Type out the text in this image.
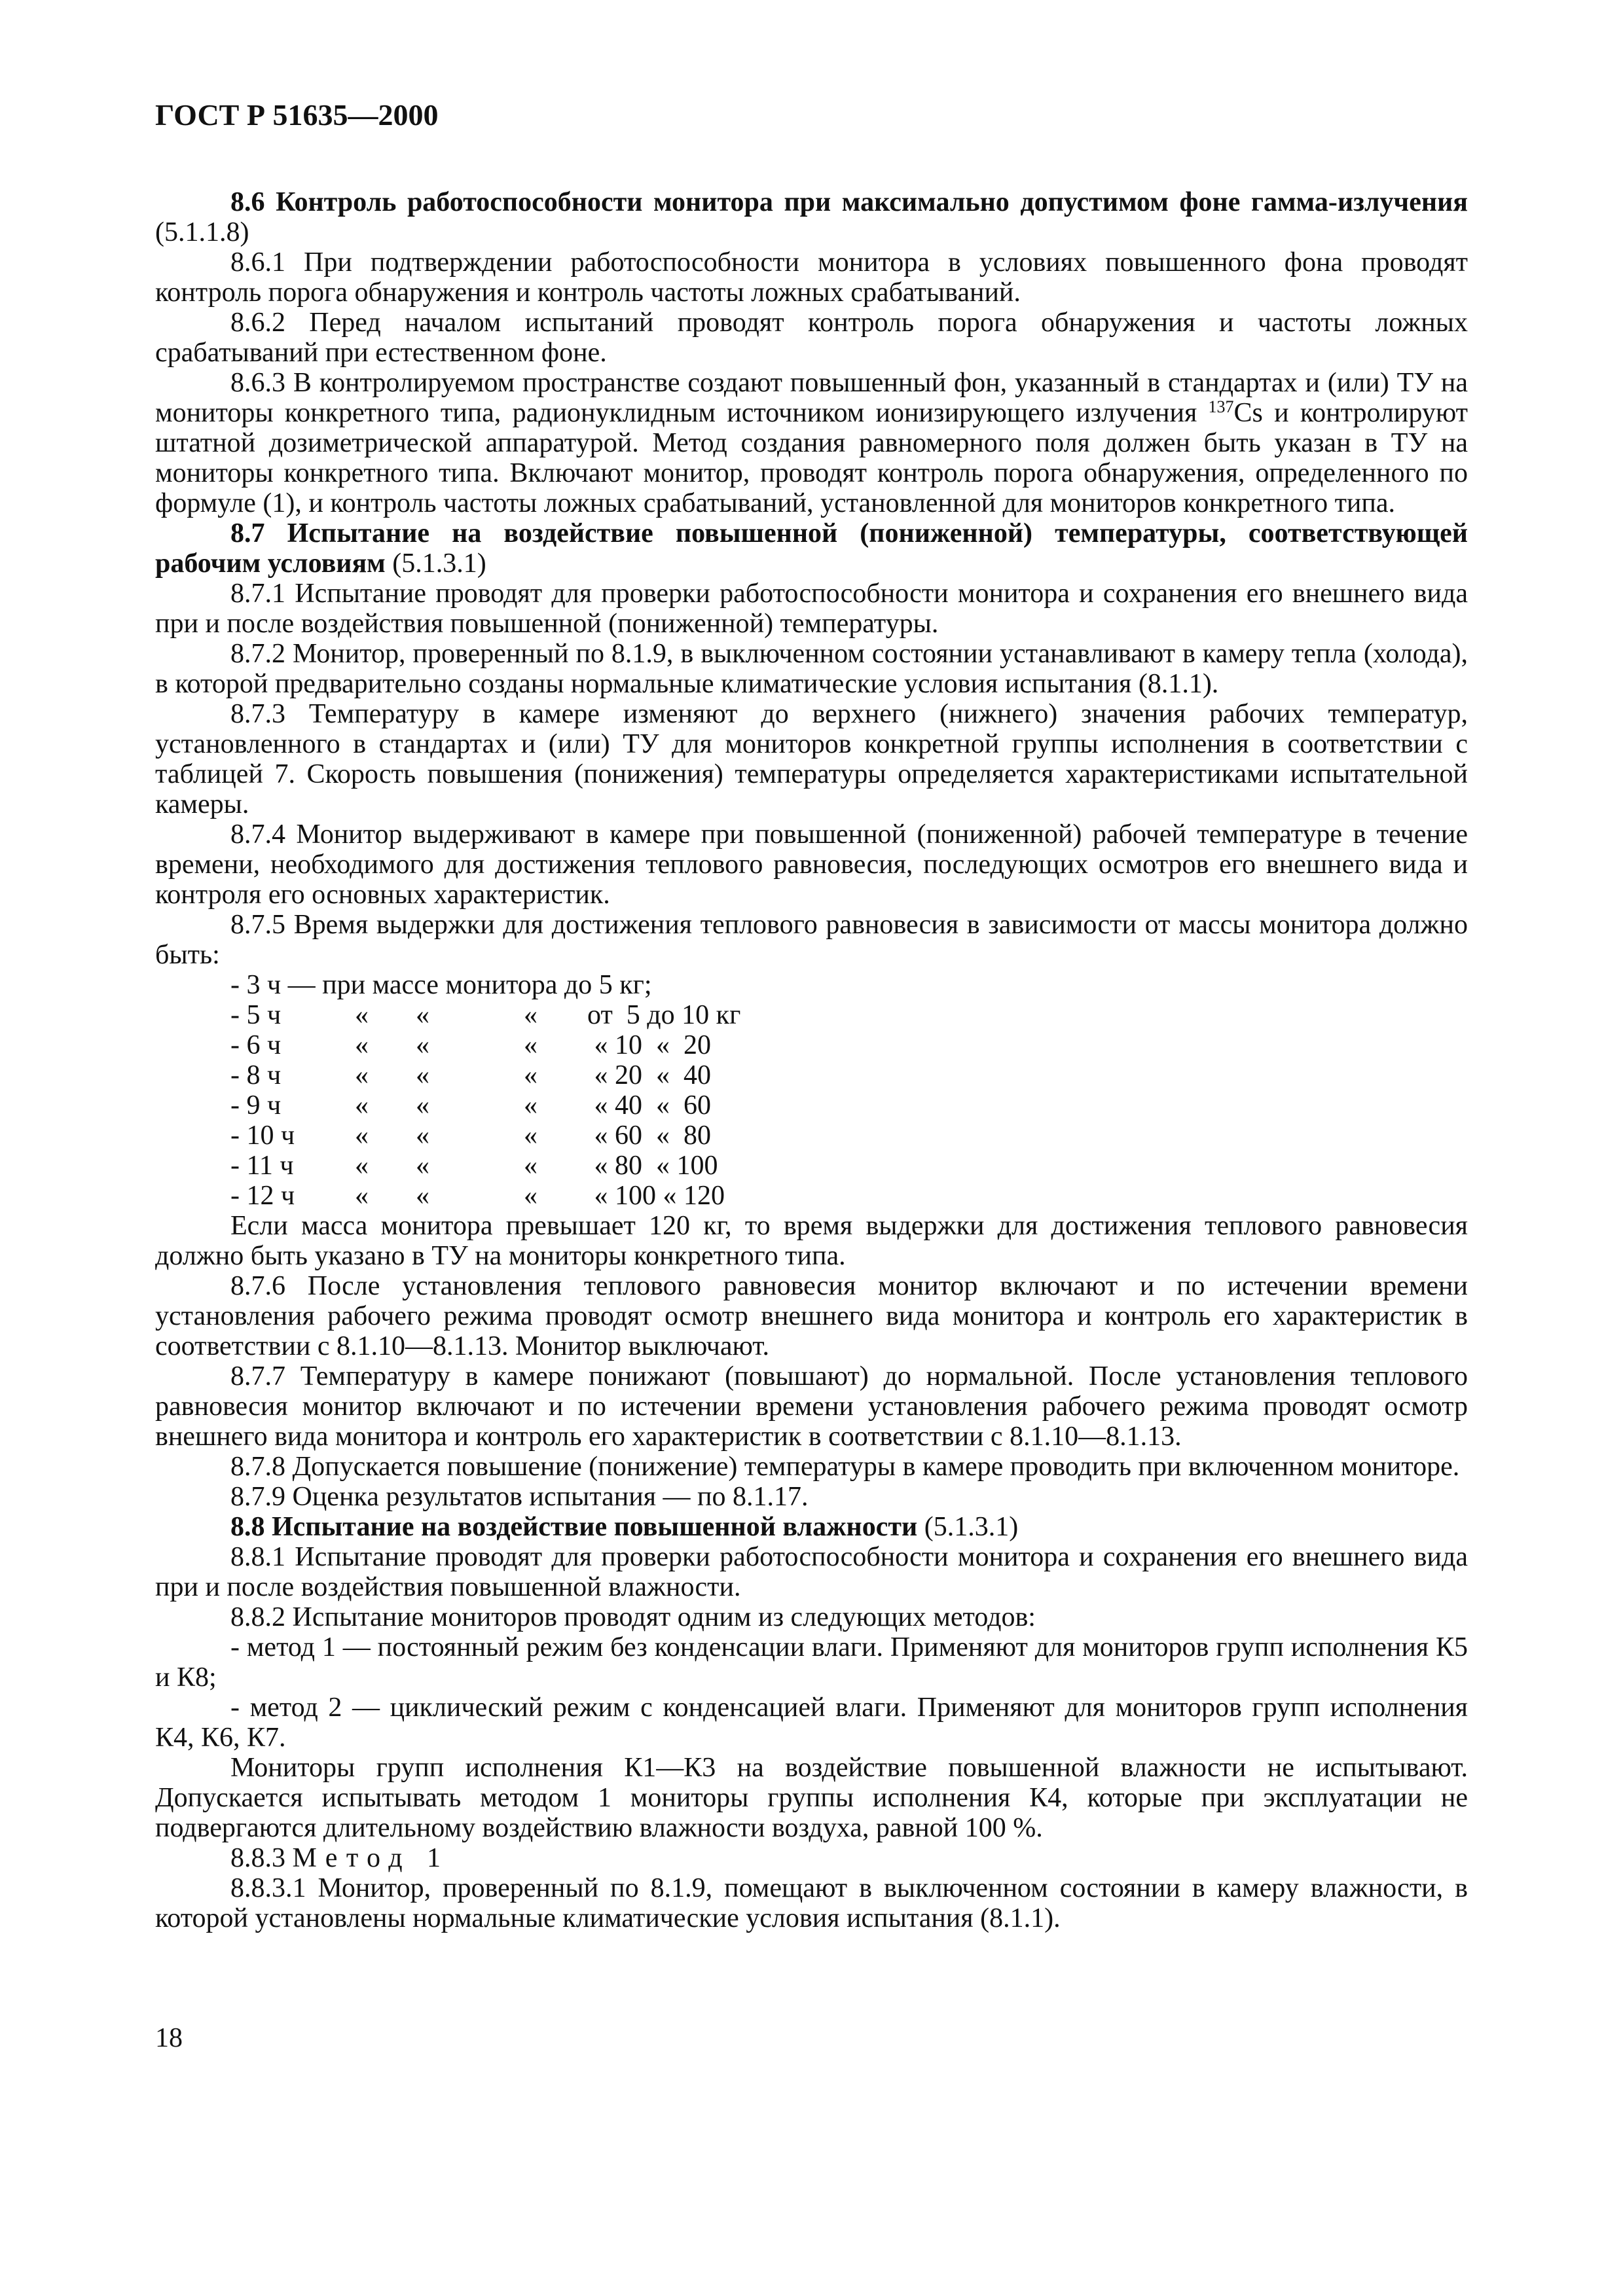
ГОСТ Р 51635—2000

8.6 Контроль работоспособности монитора при максимально допустимом фоне гамма-излучения (5.1.1.8)

8.6.1 При подтверждении работоспособности монитора в условиях повышенного фона проводят контроль порога обнаружения и контроль частоты ложных срабатываний.

8.6.2 Перед началом испытаний проводят контроль порога обнаружения и частоты ложных срабатываний при естественном фоне.

8.6.3 В контролируемом пространстве создают повышенный фон, указанный в стандартах и (или) ТУ на мониторы конкретного типа, радионуклидным источником ионизирующего излучения $^{137}$Cs и контролируют штатной дозиметрической аппаратурой. Метод создания равномерного поля должен быть указан в ТУ на мониторы конкретного типа. Включают монитор, проводят контроль порога обнаружения, определенного по формуле (1), и контроль частоты ложных срабатываний, установленной для мониторов конкретного типа.

8.7 Испытание на воздействие повышенной (пониженной) температуры, соответствующей рабочим условиям (5.1.3.1)

8.7.1 Испытание проводят для проверки работоспособности монитора и сохранения его внешнего вида при и после воздействия повышенной (пониженной) температуры.

8.7.2 Монитор, проверенный по 8.1.9, в выключенном состоянии устанавливают в камеру тепла (холода), в которой предварительно созданы нормальные климатические условия испытания (8.1.1).

8.7.3 Температуру в камере изменяют до верхнего (нижнего) значения рабочих температур, установленного в стандартах и (или) ТУ для мониторов конкретной группы исполнения в соответствии с таблицей 7. Скорость повышения (понижения) температуры определяется характеристиками испытательной камеры.

8.7.4 Монитор выдерживают в камере при повышенной (пониженной) рабочей температуре в течение времени, необходимого для достижения теплового равновесия, последующих осмотров его внешнего вида и контроля его основных характеристик.

8.7.5 Время выдержки для достижения теплового равновесия в зависимости от массы монитора должно быть:

- 3 ч — при массе монитора до 5 кг;
- 5 ч	« «	« от  5 до 10 кг
- 6 ч	« «	« « 10  «  20
- 8 ч	« «	« « 20  «  40
- 9 ч	« «	« « 40  «  60
- 10 ч « «	« « 60  «  80
- 11 ч « «	« « 80  « 100
- 12 ч « «	« « 100 « 120

Если масса монитора превышает 120 кг, то время выдержки для достижения теплового равновесия должно быть указано в ТУ на мониторы конкретного типа.

8.7.6 После установления теплового равновесия монитор включают и по истечении времени установления рабочего режима проводят осмотр внешнего вида монитора и контроль его характеристик в соответствии с 8.1.10—8.1.13. Монитор выключают.

8.7.7 Температуру в камере понижают (повышают) до нормальной. После установления теплового равновесия монитор включают и по истечении времени установления рабочего режима проводят осмотр внешнего вида монитора и контроль его характеристик в соответствии с 8.1.10—8.1.13.

8.7.8 Допускается повышение (понижение) температуры в камере проводить при включенном мониторе.

8.7.9 Оценка результатов испытания — по 8.1.17.

8.8 Испытание на воздействие повышенной влажности (5.1.3.1)

8.8.1 Испытание проводят для проверки работоспособности монитора и сохранения его внешнего вида при и после воздействия повышенной влажности.

8.8.2 Испытание мониторов проводят одним из следующих методов:

- метод 1 — постоянный режим без конденсации влаги. Применяют для мониторов групп исполнения К5 и К8;

- метод 2 — циклический режим с конденсацией влаги. Применяют для мониторов групп исполнения К4, К6, К7.

Мониторы групп исполнения К1—К3 на воздействие повышенной влажности не испытывают. Допускается испытывать методом 1 мониторы группы исполнения К4, которые при эксплуатации не подвергаются длительному воздействию влажности воздуха, равной 100 %.

8.8.3 Метод 1

8.8.3.1 Монитор, проверенный по 8.1.9, помещают в выключенном состоянии в камеру влажности, в которой установлены нормальные климатические условия испытания (8.1.1).

18
